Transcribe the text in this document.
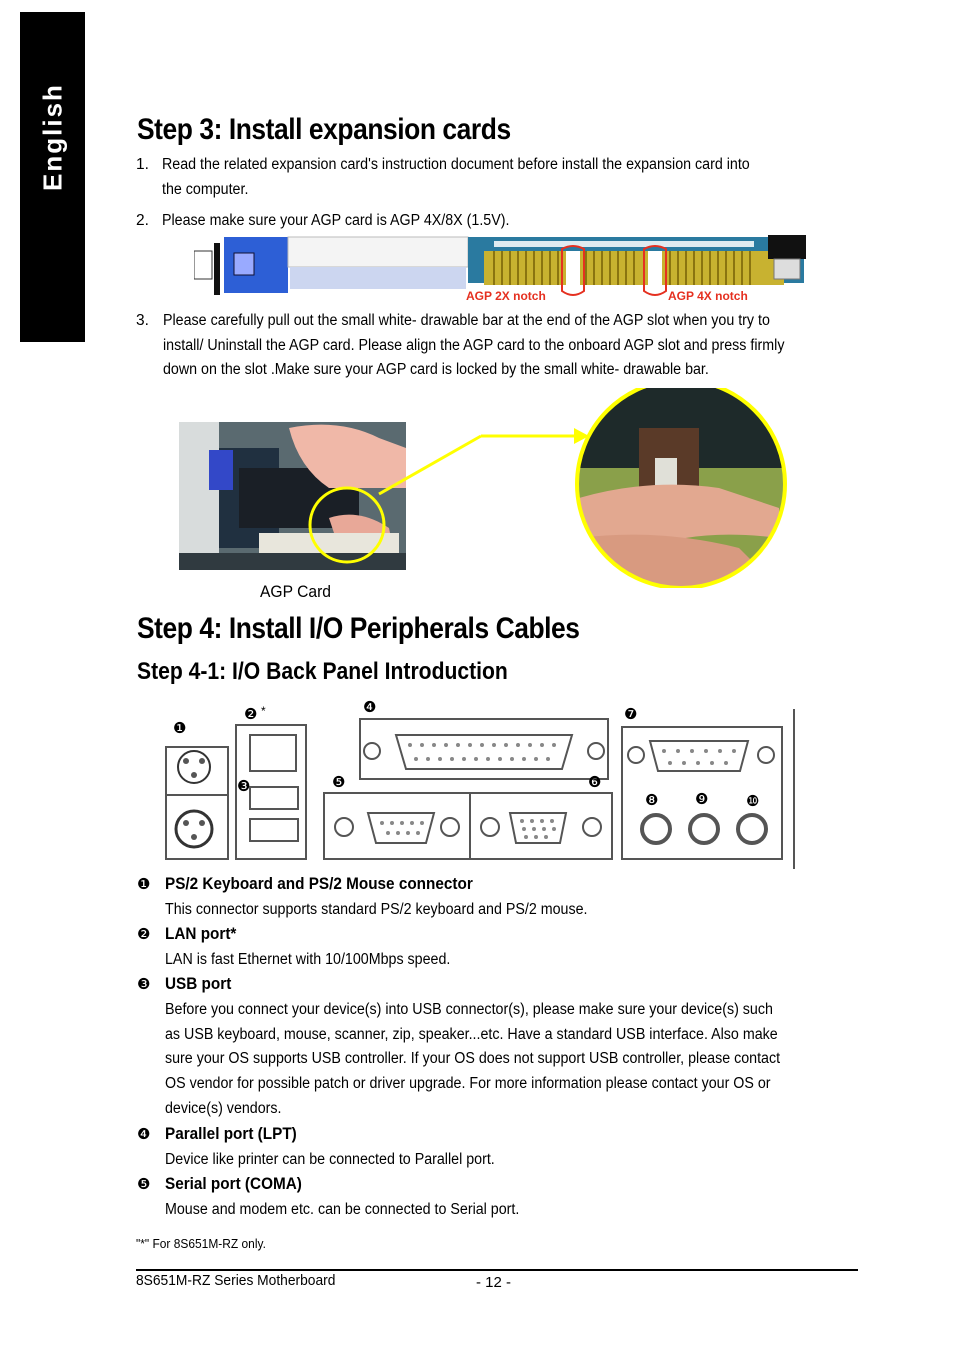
English Step 3: Install expansion cards
1. Read the related expansion card's instruction document before install the expansion card into
the computer.
2. Please make sure your AGP card is AGP 4X/8X (1.5V).
AGP 2X notch	AGP 4X notch
3. Please carefully pull out the small white- drawable bar at the end of the AGP slot when you try to
install/ Uninstall the AGP card. Please align the AGP card to the onboard AGP slot and press firmly
down on the slot .Make sure your AGP card is locked by the small white- drawable bar.
AGP Card
Step 4: Install I/O Peripherals Cables
Step 4-1: I/O Back Panel Introduction
❶
❷ *
❸
❹
❺	❻
❼
❽ ❾	❿
❶ PS/2 Keyboard and PS/2 Mouse connector
This connector supports standard PS/2 keyboard and PS/2 mouse.
❷ LAN port*
LAN is fast Ethernet with 10/100Mbps speed.
❸ USB port
Before you connect your device(s) into USB connector(s), please make sure your device(s) such
as USB keyboard, mouse, scanner, zip, speaker...etc. Have a standard USB interface. Also make
sure your OS supports USB controller. If your OS does not support USB controller, please contact
OS vendor for possible patch or driver upgrade. For more information please contact your OS or
device(s) vendors.
❹ Parallel port (LPT)
Device like printer can be connected to Parallel port.
❺ Serial port (COMA)
Mouse and modem etc. can be connected to Serial port.
"*" For 8S651M-RZ only.
8S651M-RZ Series Motherboard	- 12 -
